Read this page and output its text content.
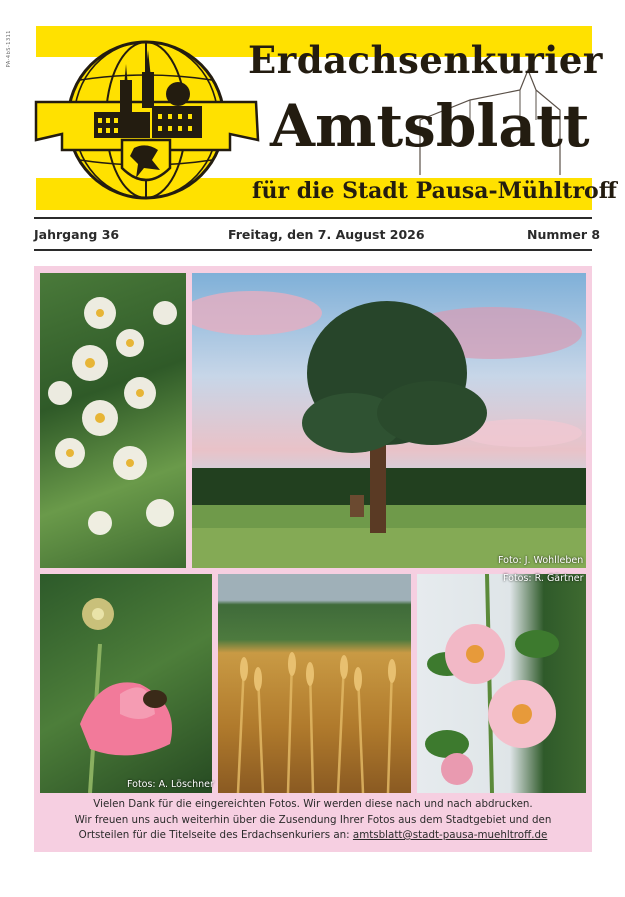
PA-4bS-1311	Erdachsenkurier
Amtsblatt
für die Stadt Pausa-Mühltroff
Jahrgang 36	Freitag, den 7. August 2026	Nummer 8
Foto: J. Wohlleben
Fotos: A. Löschner
Fotos: R. Gärtner
Vielen Dank für die eingereichten Fotos. Wir werden diese nach und nach abdrucken.
Wir freuen uns auch weiterhin über die Zusendung Ihrer Fotos aus dem Stadtgebiet und den
Ortsteilen für die Titelseite des Erdachsenkuriers an: amtsblatt@stadt-pausa-muehltroff.de
